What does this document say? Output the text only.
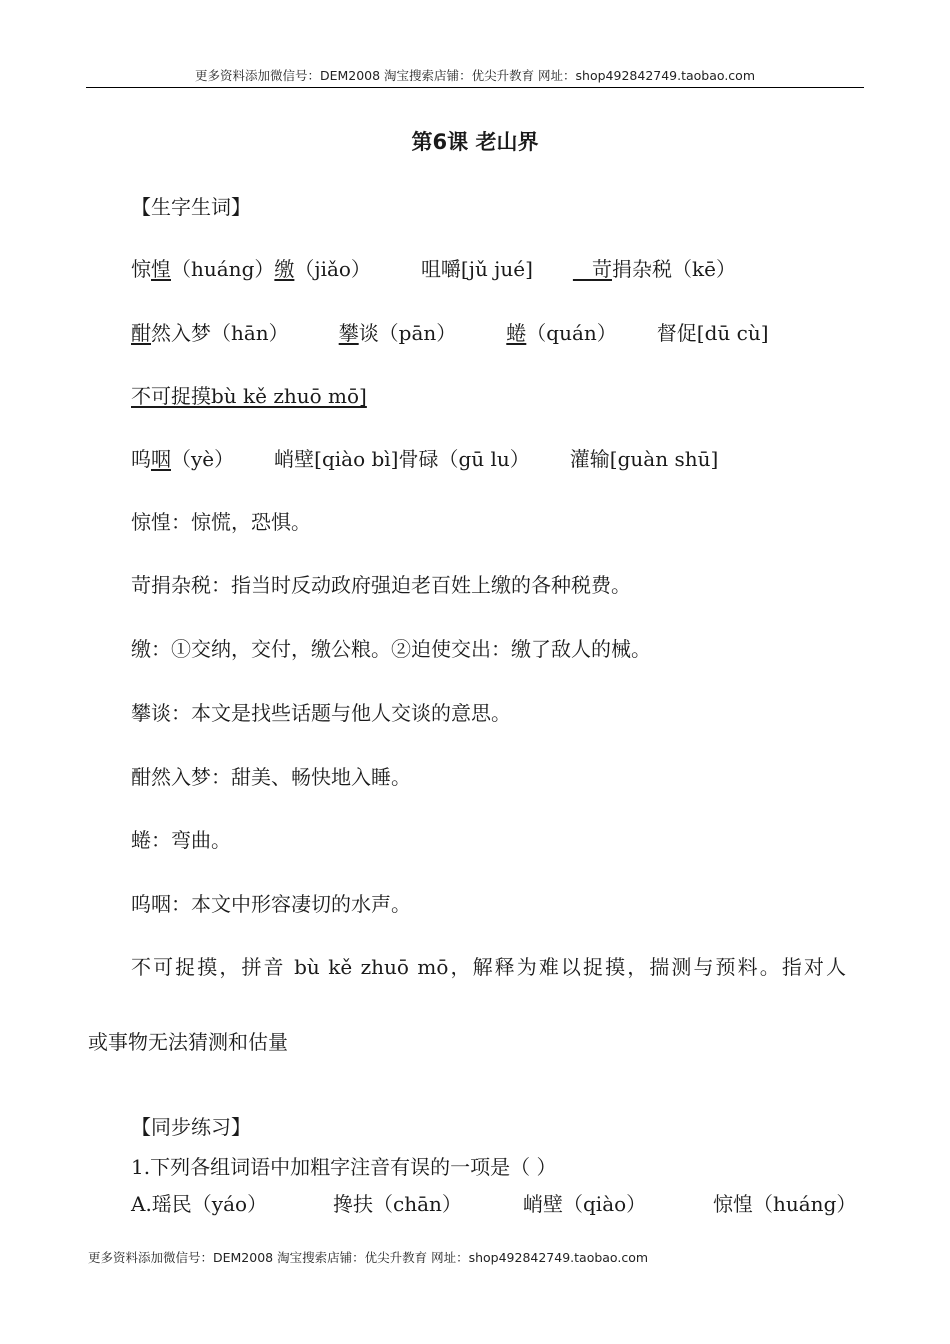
更多资料添加微信号：DEM2008 淘宝搜索店铺：优尖升教育 网址：shop492842749.taobao.com
第6课 老山界
【生字生词】
惊惶（huáng）缴（jiǎo）	咀嚼[jǔ jué]	苛捐杂税（kē）
酣然入梦（hān）	攀谈（pān）	蜷（quán） 督促[dū cù]
不可捉摸bù kě zhuō mō]
呜咽（yè） 峭壁[qiào bì]骨碌（gū lu） 灌输[guàn shū]
惊惶：惊慌，恐惧。
苛捐杂税：指当时反动政府强迫老百姓上缴的各种税费。
缴：①交纳，交付，缴公粮。②迫使交出：缴了敌人的械。
攀谈：本文是找些话题与他人交谈的意思。
酣然入梦：甜美、畅快地入睡。
蜷：弯曲。
呜咽：本文中形容凄切的水声。
不可捉摸，拼音 bù kě zhuō mō，解释为难以捉摸，揣测与预料。指对人
或事物无法猜测和估量
【同步练习】
1.下列各组词语中加粗字注音有误的一项是（ ）
A.瑶民（yáo）	搀扶（chān）	峭壁（qiào）	惊惶（huáng）
更多资料添加微信号：DEM2008 淘宝搜索店铺：优尖升教育 网址：shop492842749.taobao.com
